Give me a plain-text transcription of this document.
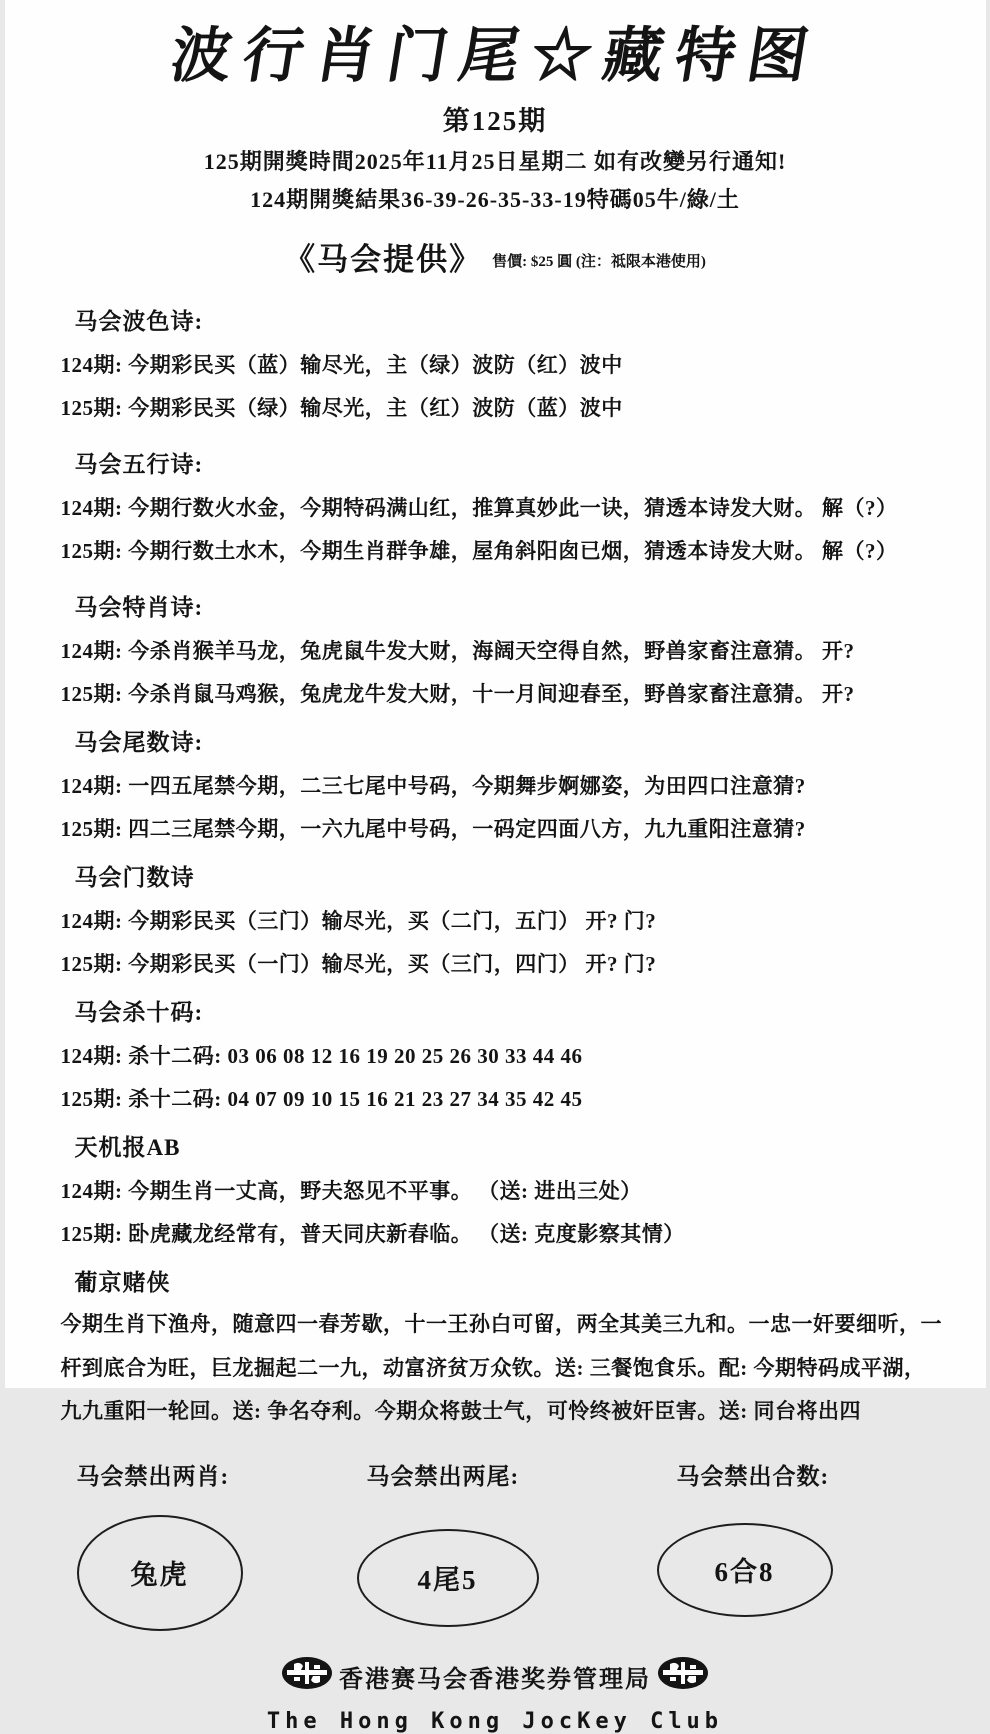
波行肖门尾☆藏特图
第125期
125期開獎時間2025年11月25日星期二 如有改變另行通知!
124期開獎結果36-39-26-35-33-19特碼05牛/綠/土
《马会提供》 售價: $25 圓 (注：祗限本港使用)
马会波色诗:

124期: 今期彩民买（蓝）输尽光，主（绿）波防（红）波中

125期: 今期彩民买（绿）输尽光，主（红）波防（蓝）波中

马会五行诗:

124期: 今期行数火水金，今期特码满山红，推算真妙此一诀，猜透本诗发大财。 解（?）

125期: 今期行数土水木，今期生肖群争雄，屋角斜阳囱已烟，猜透本诗发大财。 解（?）

马会特肖诗:

124期: 今杀肖猴羊马龙，兔虎鼠牛发大财，海阔天空得自然，野兽家畜注意猜。 开?

125期: 今杀肖鼠马鸡猴，兔虎龙牛发大财，十一月间迎春至，野兽家畜注意猜。 开?

马会尾数诗:

124期: 一四五尾禁今期，二三七尾中号码，今期舞步婀娜姿，为田四口注意猜?

125期: 四二三尾禁今期，一六九尾中号码，一码定四面八方，九九重阳注意猜?

马会门数诗

124期: 今期彩民买（三门）输尽光，买（二门，五门） 开? 门?

125期: 今期彩民买（一门）输尽光，买（三门，四门） 开? 门?

马会杀十码:

124期: 杀十二码: 03 06 08 12 16 19 20 25 26 30 33 44 46

125期: 杀十二码: 04 07 09 10 15 16 21 23 27 34 35 42 45

天机报AB

124期: 今期生肖一丈高，野夫怒见不平事。 （送: 进出三处）

125期: 卧虎藏龙经常有，普天同庆新春临。 （送: 克度影察其情）

葡京赌侠

今期生肖下渔舟，随意四一春芳歇，十一王孙白可留，两全其美三九和。一忠一奸要细听，一

杆到底合为旺，巨龙掘起二一九，动富济贫万众钦。送: 三餐饱食乐。配: 今期特码成平湖，

九九重阳一轮回。送: 争名夺利。今期众将鼓士气，可怜终被奸臣害。送: 同台将出四

马会禁出两肖:
兔虎
马会禁出两尾:
4尾5
马会禁出合数:
6合8
香港赛马会香港奖券管理局
The Hong Kong JocKey Club
